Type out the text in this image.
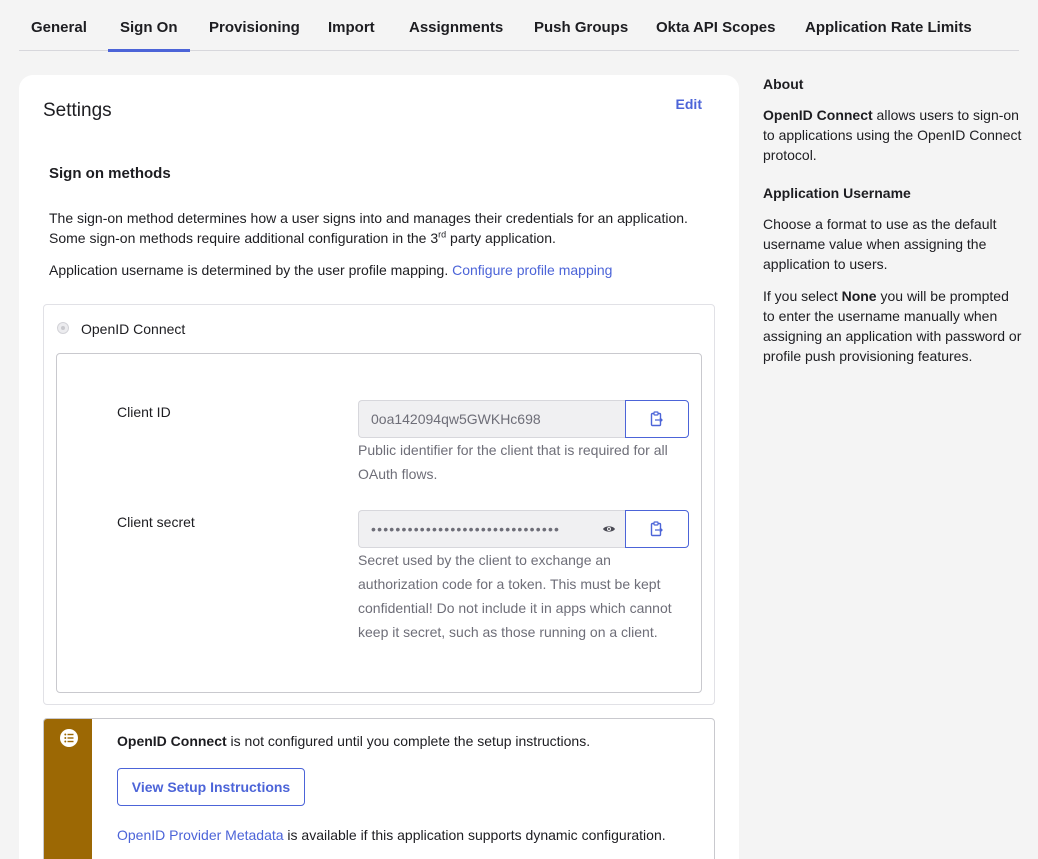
General Sign On Provisioning Import Assignments Push Groups Okta API Scopes Application Rate Limits
Settings	Edit
Sign on methods
The sign-on method determines how a user signs into and manages their credentials for an application. Some sign-on methods require additional configuration in the 3rd party application.
Application username is determined by the user profile mapping. Configure profile mapping
OpenID Connect
Client ID	0oa142094qw5GWKHc698
Public identifier for the client that is required for all OAuth flows.
Client secret	•••••••••••••••••••••••••••••••
Secret used by the client to exchange an authorization code for a token. This must be kept confidential! Do not include it in apps which cannot keep it secret, such as those running on a client.
OpenID Connect is not configured until you complete the setup instructions.
View Setup Instructions
OpenID Provider Metadata is available if this application supports dynamic configuration.
About

OpenID Connect allows users to sign-on to applications using the OpenID Connect protocol.

Application Username

Choose a format to use as the default username value when assigning the application to users.

If you select None you will be prompted to enter the username manually when assigning an application with password or profile push provisioning features.
